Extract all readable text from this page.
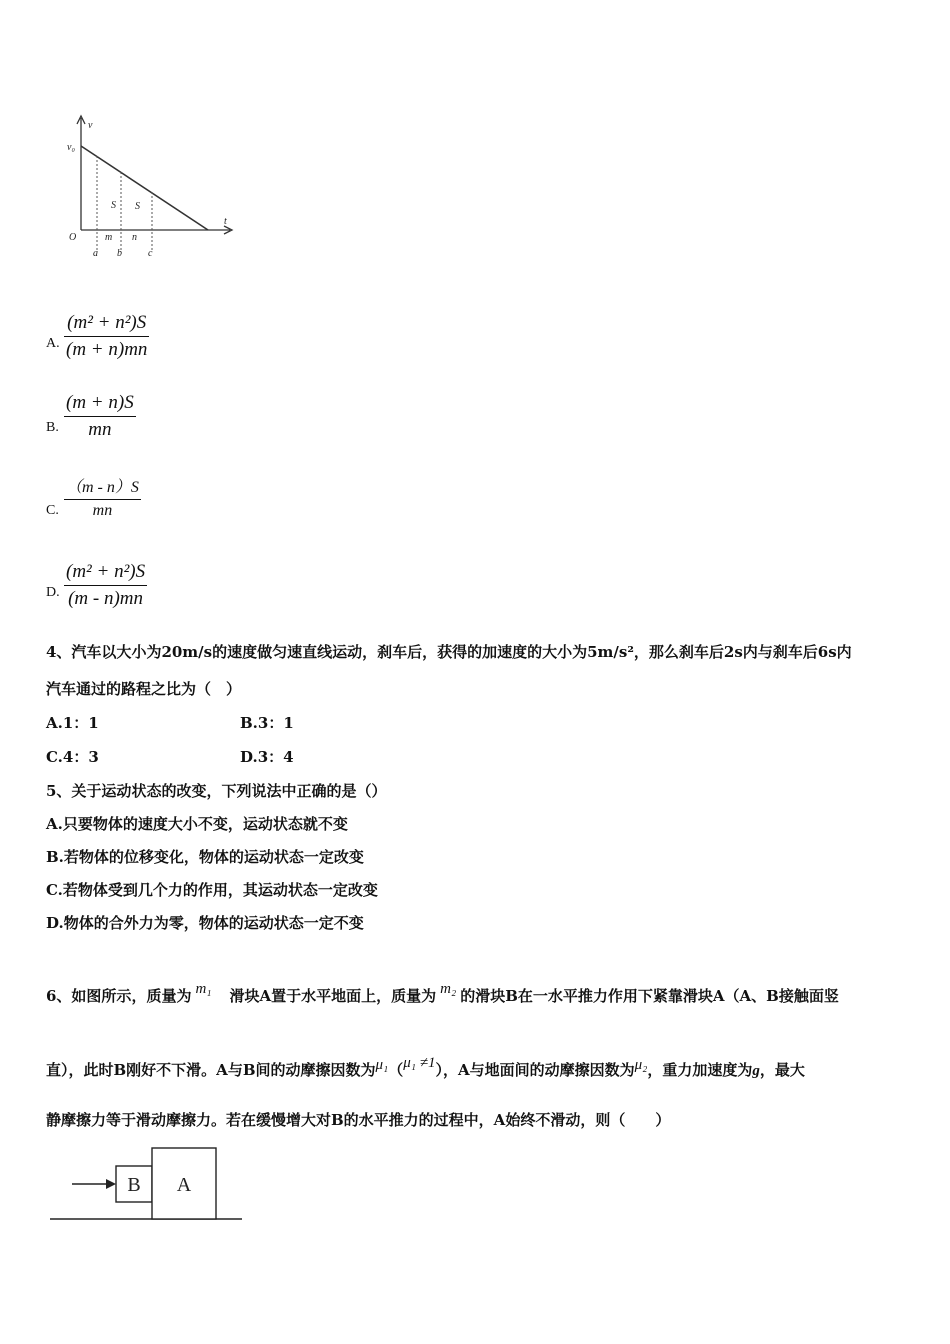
v
v₀
t
O
S S
m n
a b	c
A.
(m² + n²)S
(m + n)mn
B.
(m + n)S
mn
C.
（m - n）S
mn
D.
(m² + n²)S
(m - n)mn
4、汽车以大小为20m/s的速度做匀速直线运动，刹车后，获得的加速度的大小为5m/s²，那么刹车后2s内与刹车后6s内
汽车通过的路程之比为（　）
A.1：1	B.3：1
C.4：3	D.3：4
5、关于运动状态的改变，下列说法中正确的是（）
A.只要物体的速度大小不变，运动状态就不变
B.若物体的位移变化，物体的运动状态一定改变
C.若物体受到几个力的作用，其运动状态一定改变
D.物体的合外力为零，物体的运动状态一定不变
6、如图所示，质量为 m₁ 滑块A置于水平地面上，质量为 m₂ 的滑块B在一水平推力作用下紧靠滑块A（A、B接触面竖
直），此时B刚好不下滑。A与B间的动摩擦因数为μ₁（μ₁ ≠1），A与地面间的动摩擦因数为μ₂，重力加速度为g，最大
静摩擦力等于滑动摩擦力。若在缓慢增大对B的水平推力的过程中，A始终不滑动，则（　　）
B A
